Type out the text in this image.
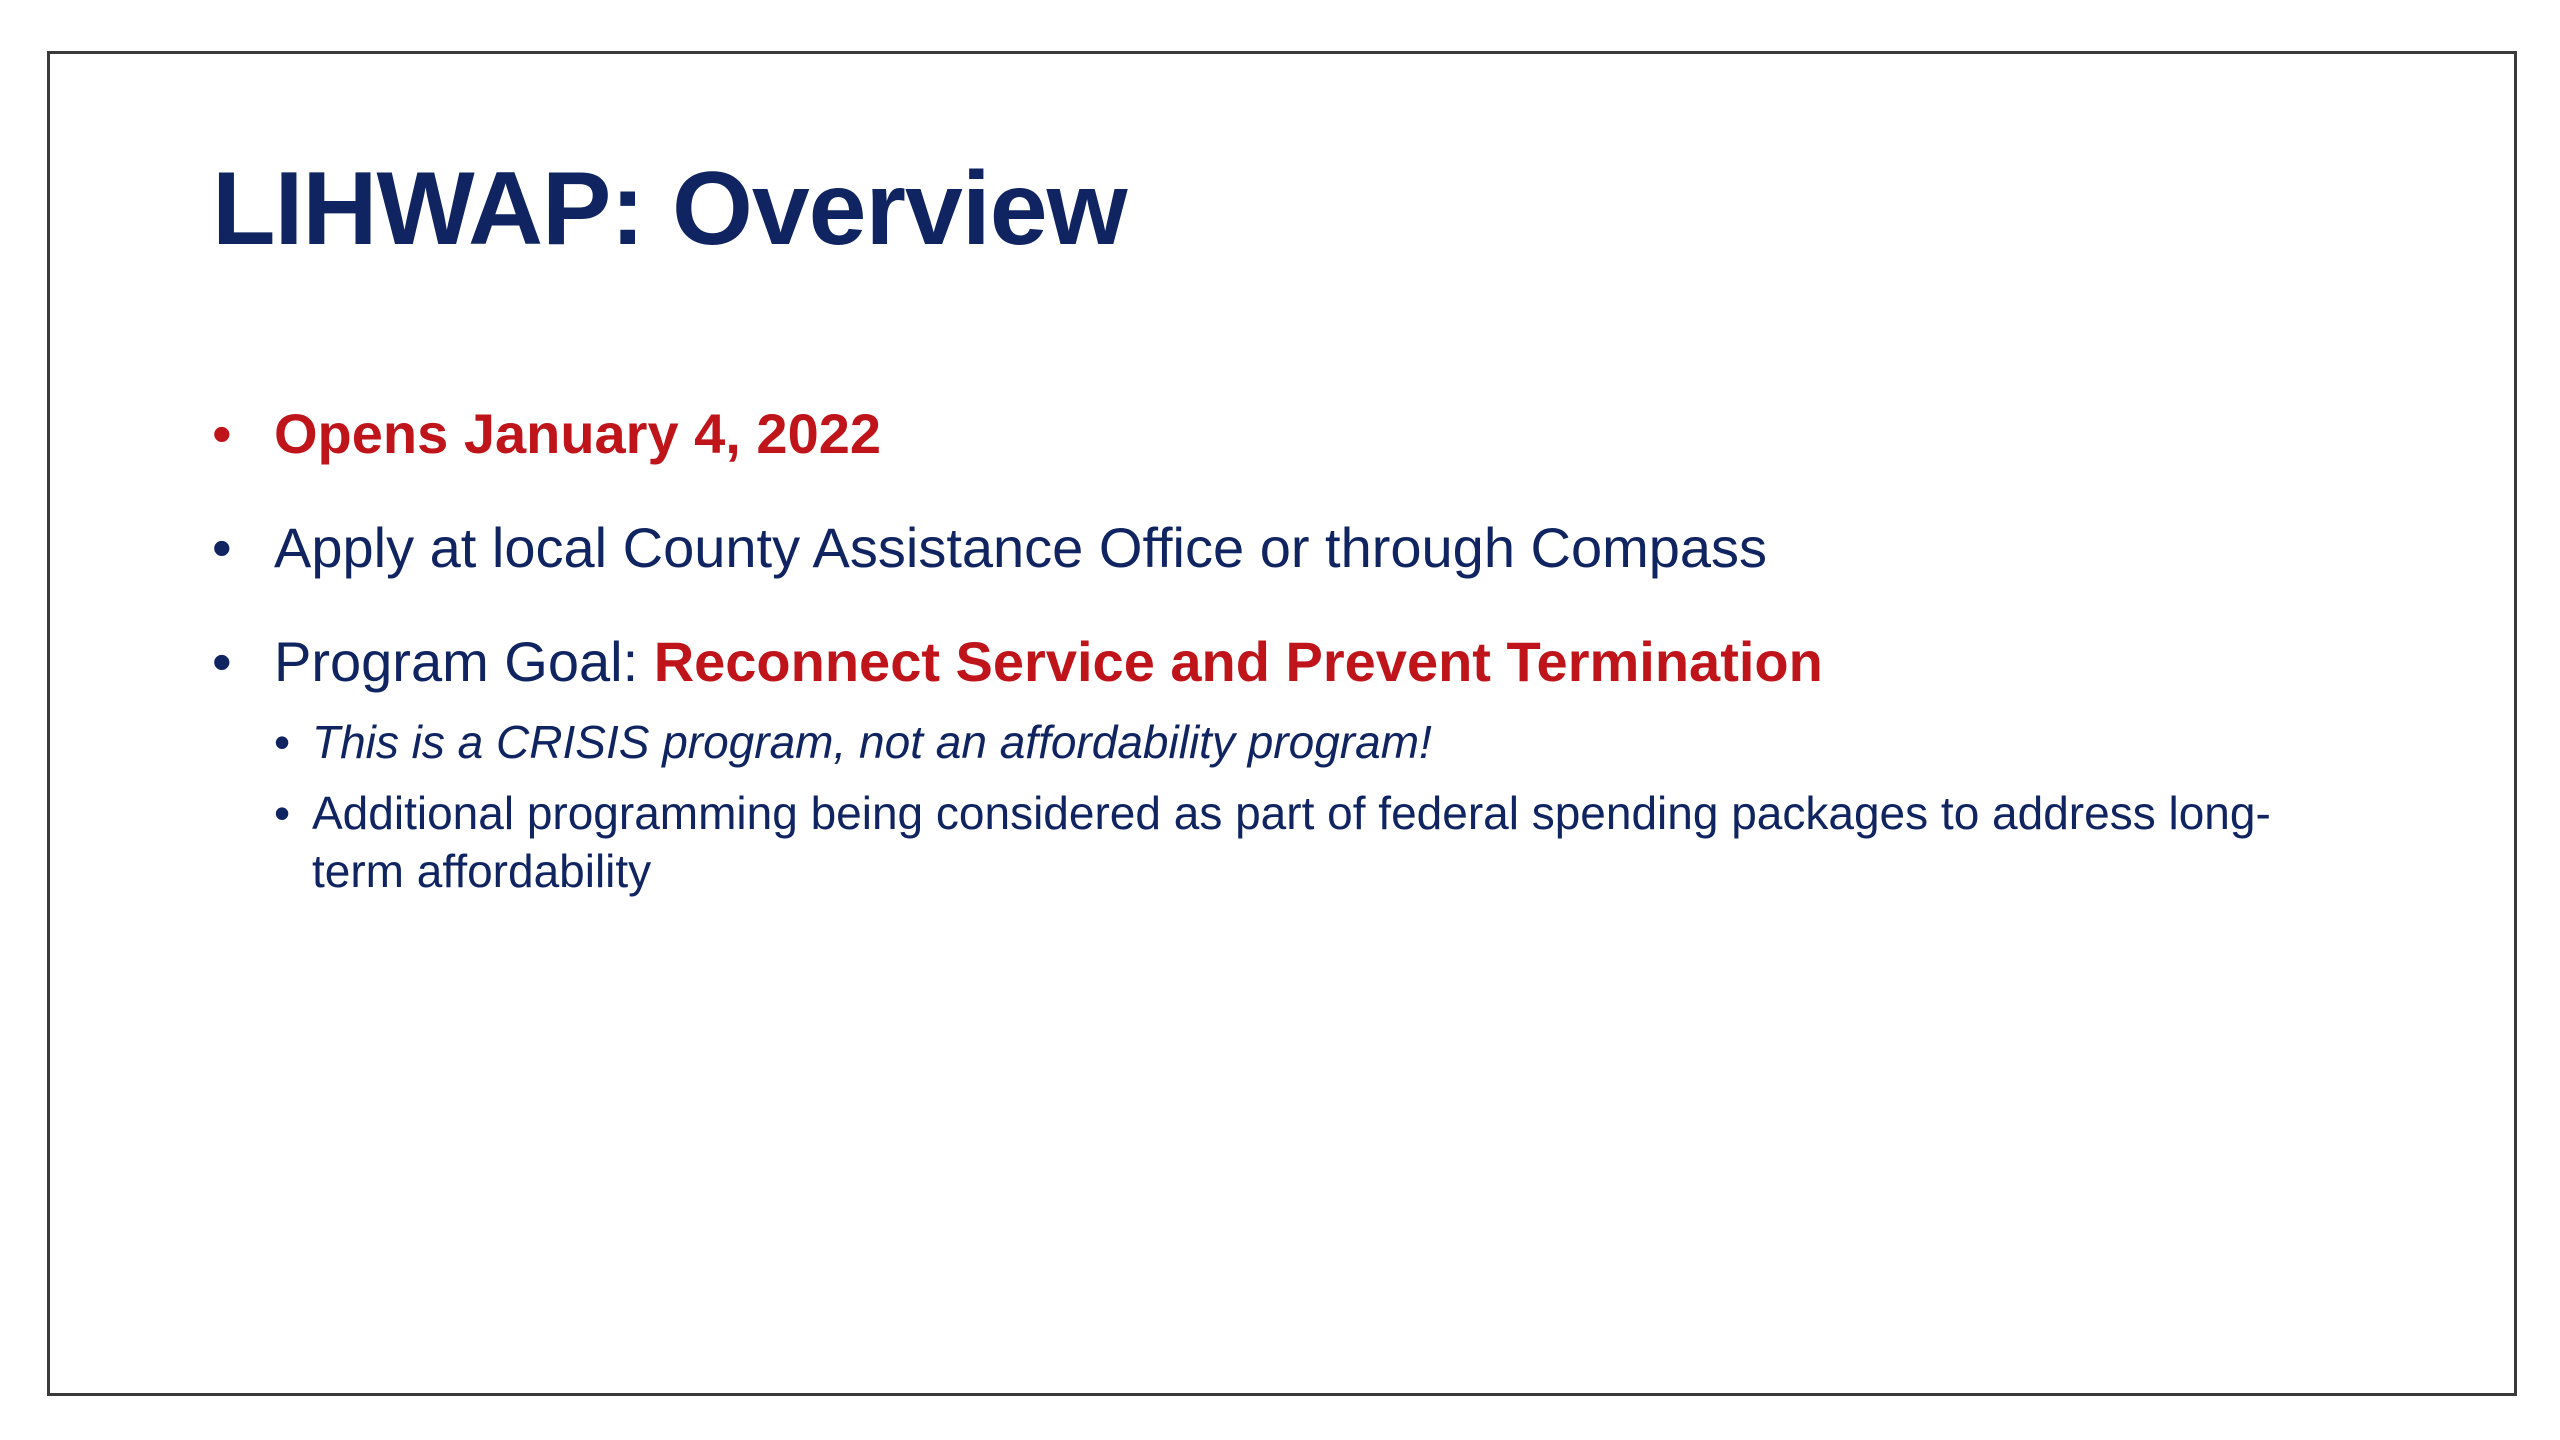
LIHWAP: Overview
• Opens January 4, 2022
• Apply at local County Assistance Office or through Compass
• Program Goal: Reconnect Service and Prevent Termination
• This is a CRISIS program, not an affordability program!
• Additional programming being considered as part of federal spending packages to address long-term affordability
